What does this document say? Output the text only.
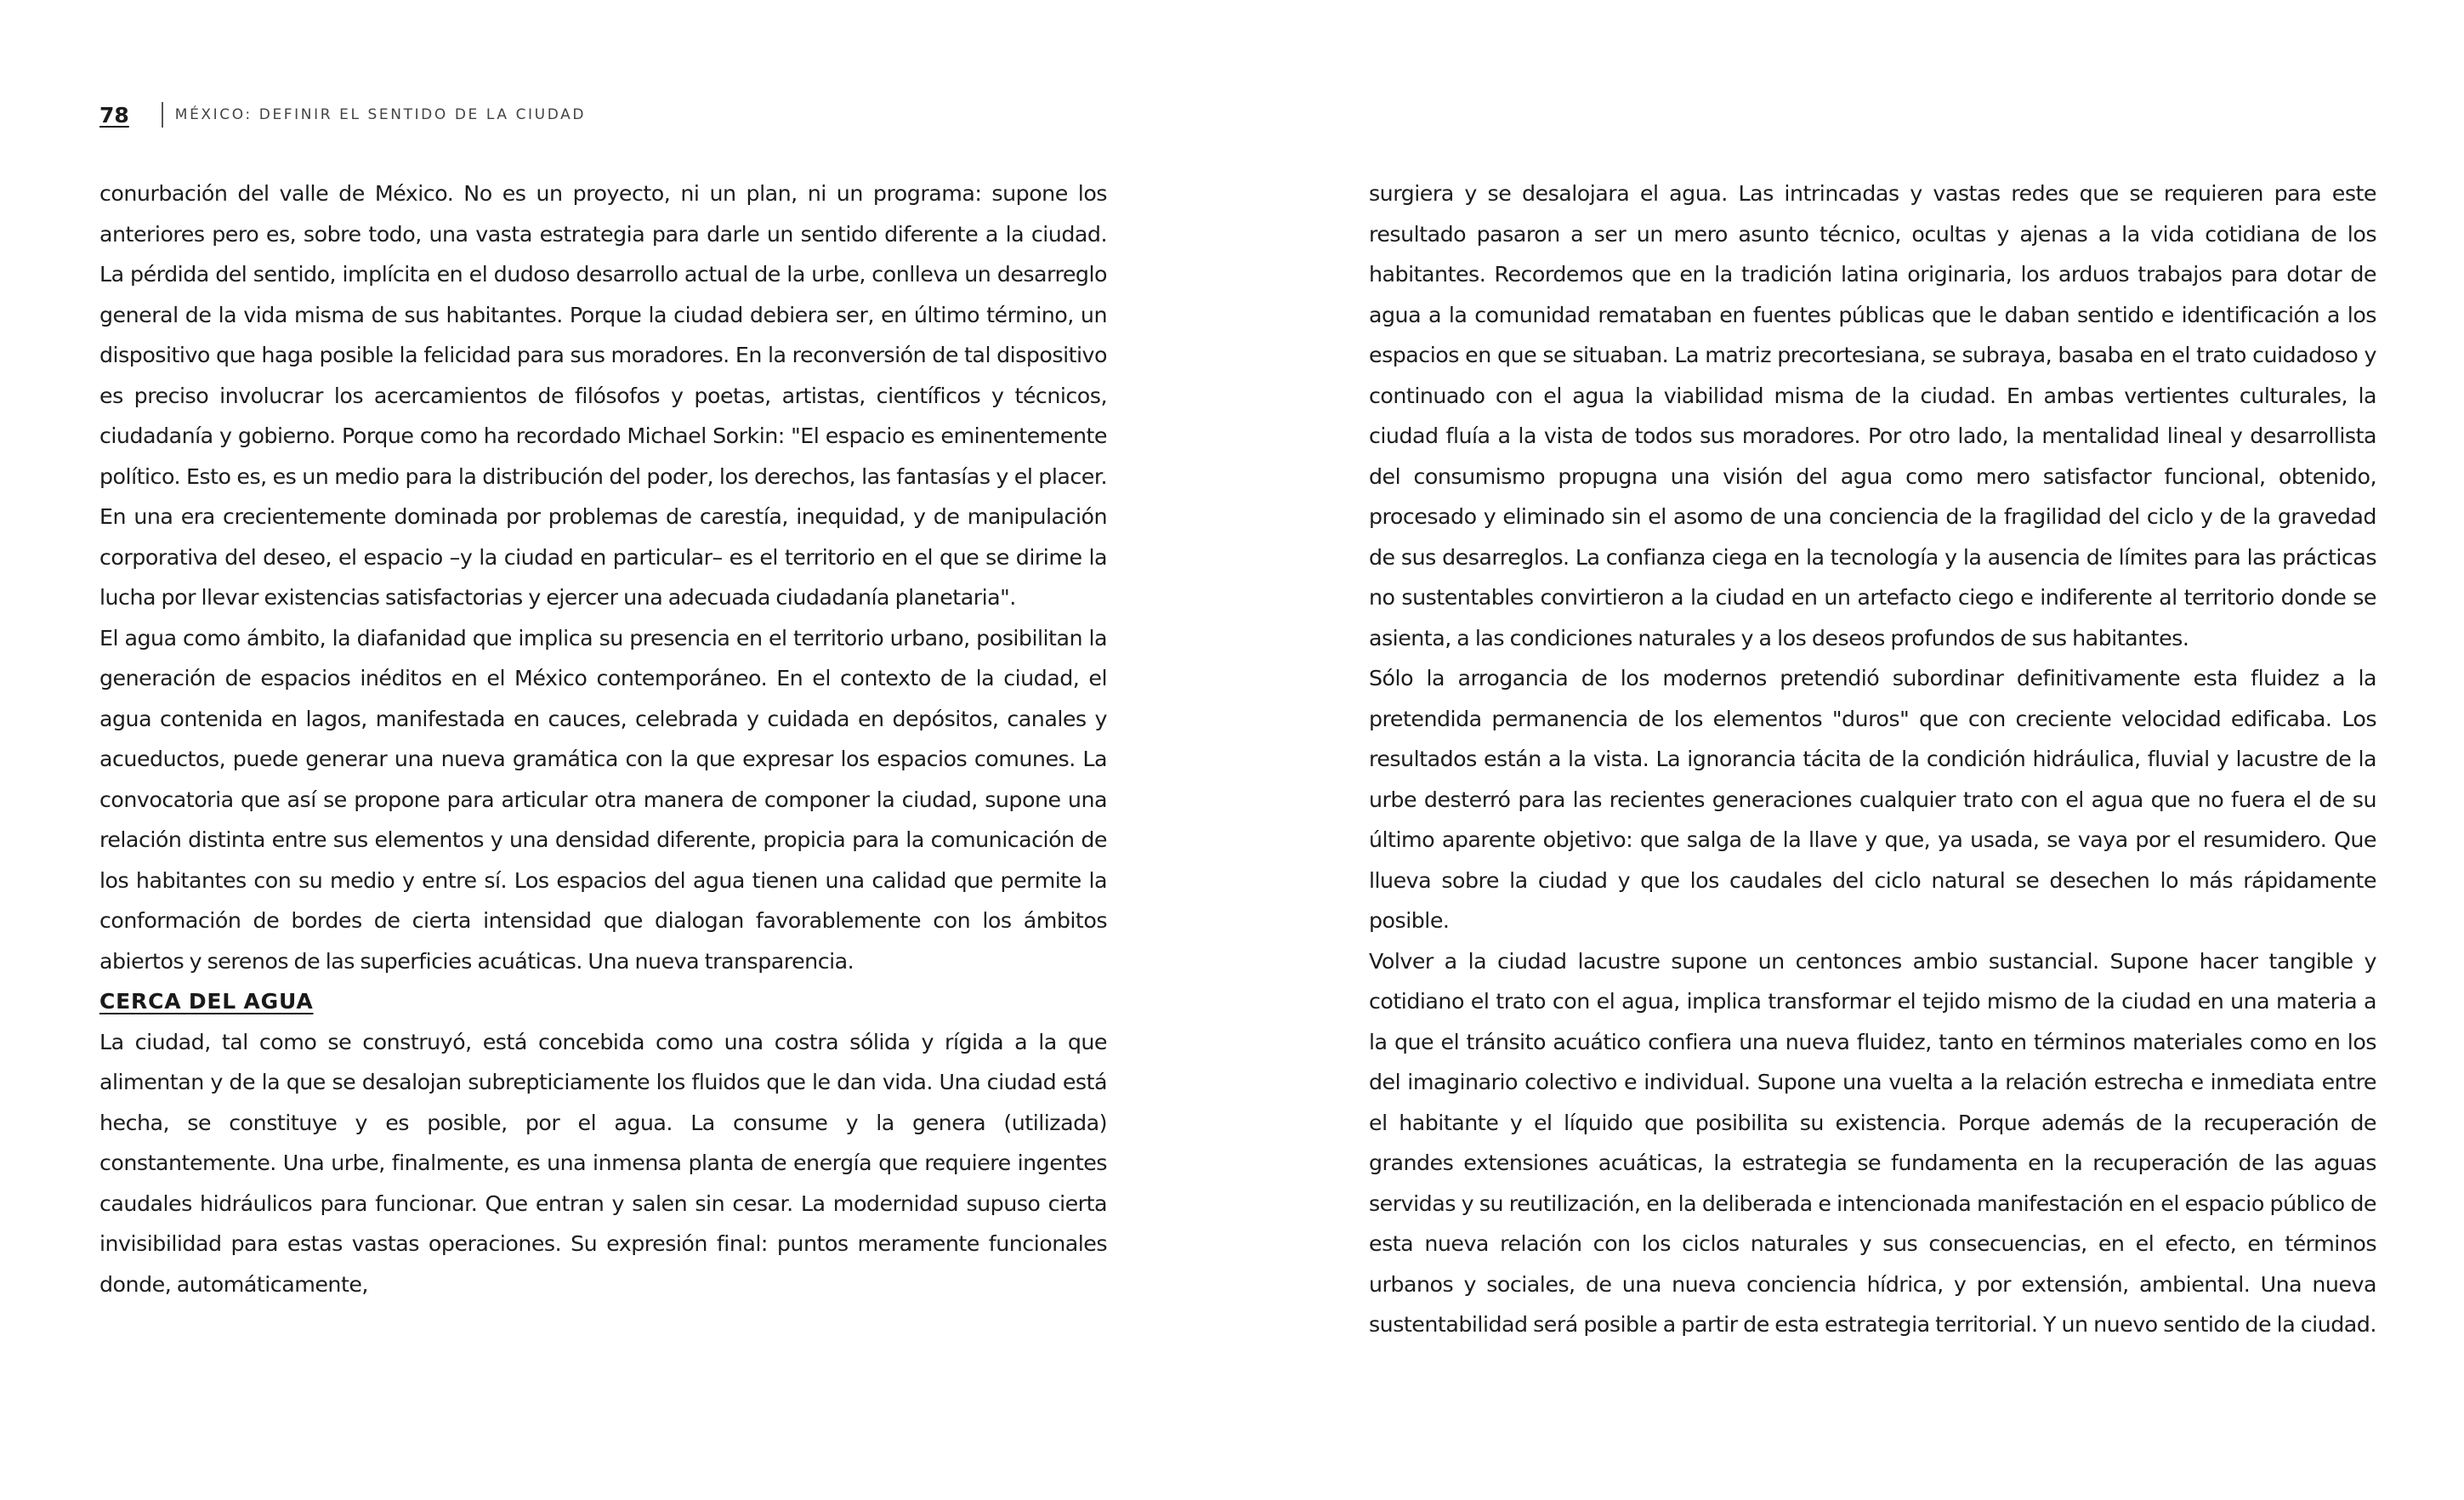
78	MÉXICO: DEFINIR EL SENTIDO DE LA CIUDAD

conurbación del valle de México. No es un proyecto, ni un plan, ni un programa: supone los anteriores pero es, sobre todo, una vasta estrategia para darle un sentido diferente a la ciudad. La pérdida del sentido, implícita en el dudoso desarrollo actual de la urbe, conlleva un desarreglo general de la vida misma de sus habitantes. Porque la ciudad debiera ser, en último término, un dispositivo que haga posible la felicidad para sus moradores. En la reconversión de tal dispositivo es preciso involucrar los acercamientos de filósofos y poetas, artistas, científicos y técnicos, ciudadanía y gobierno. Porque como ha recordado Michael Sorkin: "El espacio es eminentemente político. Esto es, es un medio para la distribución del poder, los derechos, las fantasías y el placer. En una era crecientemente dominada por problemas de carestía, inequidad, y de manipulación corporativa del deseo, el espacio –y la ciudad en particular– es el territorio en el que se dirime la lucha por llevar existencias satisfactorias y ejercer una adecuada ciudadanía planetaria".

El agua como ámbito, la diafanidad que implica su presencia en el territorio urbano, posibilitan la generación de espacios inéditos en el México contemporáneo. En el contexto de la ciudad, el agua contenida en lagos, manifestada en cauces, celebrada y cuidada en depósitos, canales y acueductos, puede generar una nueva gramática con la que expresar los espacios comunes. La convocatoria que así se propone para articular otra manera de componer la ciudad, supone una relación distinta entre sus elementos y una densidad diferente, propicia para la comunicación de los habitantes con su medio y entre sí. Los espacios del agua tienen una calidad que permite la conformación de bordes de cierta intensidad que dialogan favorablemente con los ámbitos abiertos y serenos de las superficies acuáticas. Una nueva transparencia.

CERCA DEL AGUA

La ciudad, tal como se construyó, está concebida como una costra sólida y rígida a la que alimentan y de la que se desalojan subrepticiamente los fluidos que le dan vida. Una ciudad está hecha, se constituye y es posible, por el agua. La consume y la genera (utilizada) constantemente. Una urbe, finalmente, es una inmensa planta de energía que requiere ingentes caudales hidráulicos para funcionar. Que entran y salen sin cesar. La modernidad supuso cierta invisibilidad para estas vastas operaciones. Su expresión final: puntos meramente funcionales donde, automáticamente,

surgiera y se desalojara el agua. Las intrincadas y vastas redes que se requieren para este resultado pasaron a ser un mero asunto técnico, ocultas y ajenas a la vida cotidiana de los habitantes. Recordemos que en la tradición latina originaria, los arduos trabajos para dotar de agua a la comunidad remataban en fuentes públicas que le daban sentido e identificación a los espacios en que se situaban. La matriz precortesiana, se subraya, basaba en el trato cuidadoso y continuado con el agua la viabilidad misma de la ciudad. En ambas vertientes culturales, la ciudad fluía a la vista de todos sus moradores. Por otro lado, la mentalidad lineal y desarrollista del consumismo propugna una visión del agua como mero satisfactor funcional, obtenido, procesado y eliminado sin el asomo de una conciencia de la fragilidad del ciclo y de la gravedad de sus desarreglos. La confianza ciega en la tecnología y la ausencia de límites para las prácticas no sustentables convirtieron a la ciudad en un artefacto ciego e indiferente al territorio donde se asienta, a las condiciones naturales y a los deseos profundos de sus habitantes.

Sólo la arrogancia de los modernos pretendió subordinar definitivamente esta fluidez a la pretendida permanencia de los elementos "duros" que con creciente velocidad edificaba. Los resultados están a la vista. La ignorancia tácita de la condición hidráulica, fluvial y lacustre de la urbe desterró para las recientes generaciones cualquier trato con el agua que no fuera el de su último aparente objetivo: que salga de la llave y que, ya usada, se vaya por el resumidero. Que llueva sobre la ciudad y que los caudales del ciclo natural se desechen lo más rápidamente posible.

Volver a la ciudad lacustre supone un centonces ambio sustancial. Supone hacer tangible y cotidiano el trato con el agua, implica transformar el tejido mismo de la ciudad en una materia a la que el tránsito acuático confiera una nueva fluidez, tanto en términos materiales como en los del imaginario colectivo e individual. Supone una vuelta a la relación estrecha e inmediata entre el habitante y el líquido que posibilita su existencia. Porque además de la recuperación de grandes extensiones acuáticas, la estrategia se fundamenta en la recuperación de las aguas servidas y su reutilización, en la deliberada e intencionada manifestación en el espacio público de esta nueva relación con los ciclos naturales y sus consecuencias, en el efecto, en términos urbanos y sociales, de una nueva conciencia hídrica, y por extensión, ambiental. Una nueva sustentabilidad será posible a partir de esta estrategia territorial. Y un nuevo sentido de la ciudad.
